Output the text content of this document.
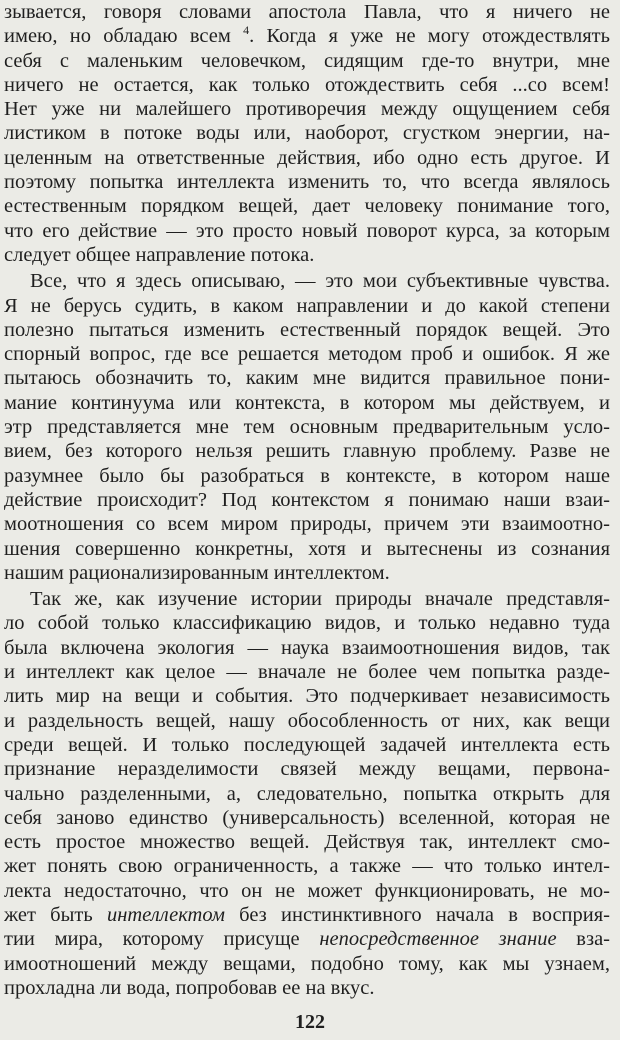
зывается, говоря словами апостола Павла, что я ничего не
имею, но обладаю всем $^4$. Когда я уже не могу отождествлять
себя с маленьким человечком, сидящим где-то внутри, мне
ничего не остается, как только отождествить себя ...со всем!
Нет уже ни малейшего противоречия между ощущением себя
листиком в потоке воды или, наоборот, сгустком энергии, на-
целенным на ответственные действия, ибо одно есть другое. И
поэтому попытка интеллекта изменить то, что всегда являлось
естественным порядком вещей, дает человеку понимание того,
что его действие — это просто новый поворот курса, за которым
следует общее направление потока.
Все, что я здесь описываю, — это мои субъективные чувства.
Я не берусь судить, в каком направлении и до какой степени
полезно пытаться изменить естественный порядок вещей. Это
спорный вопрос, где все решается методом проб и ошибок. Я же
пытаюсь обозначить то, каким мне видится правильное пони-
мание континуума или контекста, в котором мы действуем, и
этр представляется мне тем основным предварительным усло-
вием, без которого нельзя решить главную проблему. Разве не
разумнее было бы разобраться в контексте, в котором наше
действие происходит? Под контекстом я понимаю наши взаи-
моотношения со всем миром природы, причем эти взаимоотно-
шения совершенно конкретны, хотя и вытеснены из сознания
нашим рационализированным интеллектом.
Так же, как изучение истории природы вначале представля-
ло собой только классификацию видов, и только недавно туда
была включена экология — наука взаимоотношения видов, так
и интеллект как целое — вначале не более чем попытка разде-
лить мир на вещи и события. Это подчеркивает независимость
и раздельность вещей, нашу обособленность от них, как вещи
среди вещей. И только последующей задачей интеллекта есть
признание неразделимости связей между вещами, первона-
чально разделенными, а, следовательно, попытка открыть для
себя заново единство (универсальность) вселенной, которая не
есть простое множество вещей. Действуя так, интеллект смо-
жет понять свою ограниченность, а также — что только интел-
лекта недостаточно, что он не может функционировать, не мо-
жет быть интеллектом без инстинктивного начала в восприя-
тии мира, которому присуще непосредственное знание вза-
имоотношений между вещами, подобно тому, как мы узнаем,
прохладна ли вода, попробовав ее на вкус.
122
